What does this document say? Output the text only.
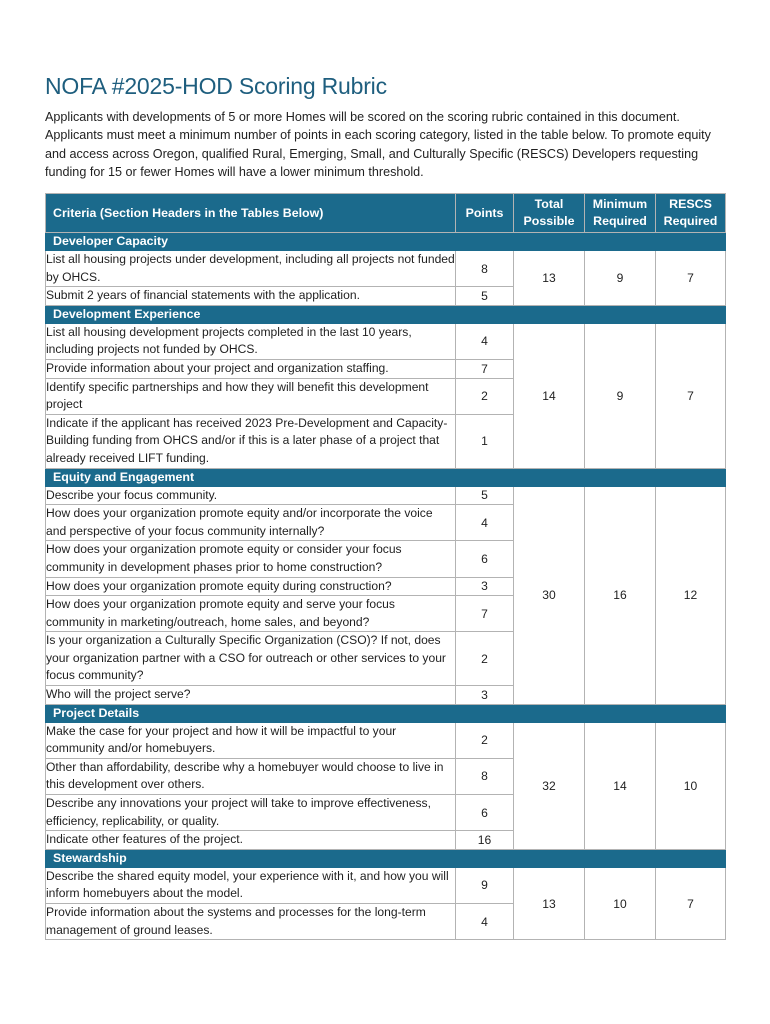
NOFA #2025-HOD Scoring Rubric
Applicants with developments of 5 or more Homes will be scored on the scoring rubric contained in this document. Applicants must meet a minimum number of points in each scoring category, listed in the table below. To promote equity and access across Oregon, qualified Rural, Emerging, Small, and Culturally Specific (RESCS) Developers requesting funding for 15 or fewer Homes will have a lower minimum threshold.
Criteria (Section Headers in the Tables Below)	Points	Total Possible	Minimum Required	RESCS Required
Developer Capacity				
List all housing projects under development, including all projects not funded by OHCS.	8	13	9	7
Submit 2 years of financial statements with the application.	5			
Development Experience				
List all housing development projects completed in the last 10 years, including projects not funded by OHCS.	4	14	9	7
Provide information about your project and organization staffing.	7			
Identify specific partnerships and how they will benefit this development project	2			
Indicate if the applicant has received 2023 Pre-Development and Capacity-Building funding from OHCS and/or if this is a later phase of a project that already received LIFT funding.	1			
Equity and Engagement				
Describe your focus community.	5	30	16	12
How does your organization promote equity and/or incorporate the voice and perspective of your focus community internally?	4			
How does your organization promote equity or consider your focus community in development phases prior to home construction?	6			
How does your organization promote equity during construction?	3			
How does your organization promote equity and serve your focus community in marketing/outreach, home sales, and beyond?	7			
Is your organization a Culturally Specific Organization (CSO)? If not, does your organization partner with a CSO for outreach or other services to your focus community?	2			
Who will the project serve?	3			
Project Details				
Make the case for your project and how it will be impactful to your community and/or homebuyers.	2	32	14	10
Other than affordability, describe why a homebuyer would choose to live in this development over others.	8			
Describe any innovations your project will take to improve effectiveness, efficiency, replicability, or quality.	6			
Indicate other features of the project.	16			
Stewardship				
Describe the shared equity model, your experience with it, and how you will inform homebuyers about the model.	9	13	10	7
Provide information about the systems and processes for the long-term management of ground leases.	4			
